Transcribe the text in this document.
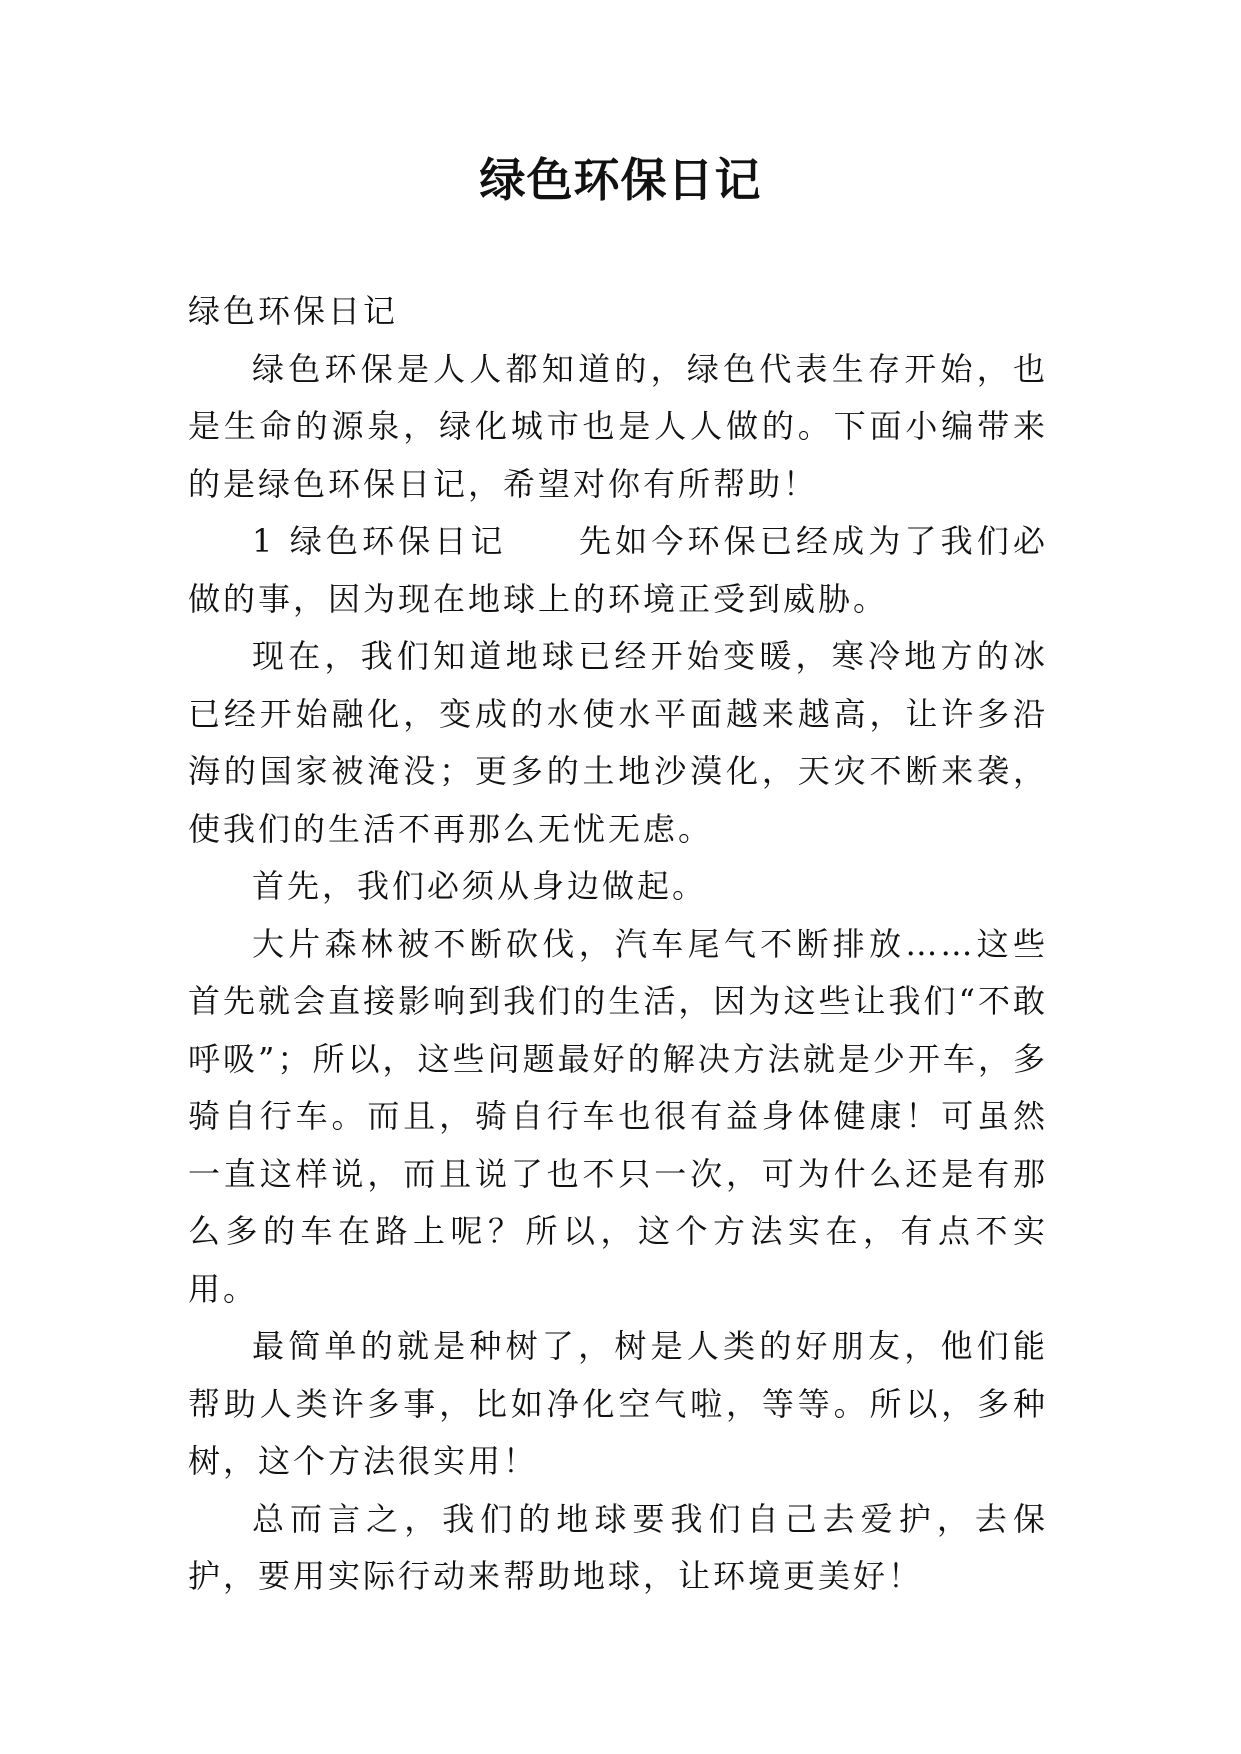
绿色环保日记

绿色环保日记

绿色环保是人人都知道的，绿色代表生存开始，也是生命的源泉，绿化城市也是人人做的。下面小编带来的是绿色环保日记，希望对你有所帮助！

1 绿色环保日记　　先如今环保已经成为了我们必做的事，因为现在地球上的环境正受到威胁。

现在，我们知道地球已经开始变暖，寒冷地方的冰已经开始融化，变成的水使水平面越来越高，让许多沿海的国家被淹没；更多的土地沙漠化，天灾不断来袭，使我们的生活不再那么无忧无虑。

首先，我们必须从身边做起。

大片森林被不断砍伐，汽车尾气不断排放……这些首先就会直接影响到我们的生活，因为这些让我们“不敢呼吸”；所以，这些问题最好的解决方法就是少开车，多骑自行车。而且，骑自行车也很有益身体健康！可虽然一直这样说，而且说了也不只一次，可为什么还是有那么多的车在路上呢？所以，这个方法实在，有点不实用。

最简单的就是种树了，树是人类的好朋友，他们能帮助人类许多事，比如净化空气啦，等等。所以，多种树，这个方法很实用！

总而言之，我们的地球要我们自己去爱护，去保护，要用实际行动来帮助地球，让环境更美好！
